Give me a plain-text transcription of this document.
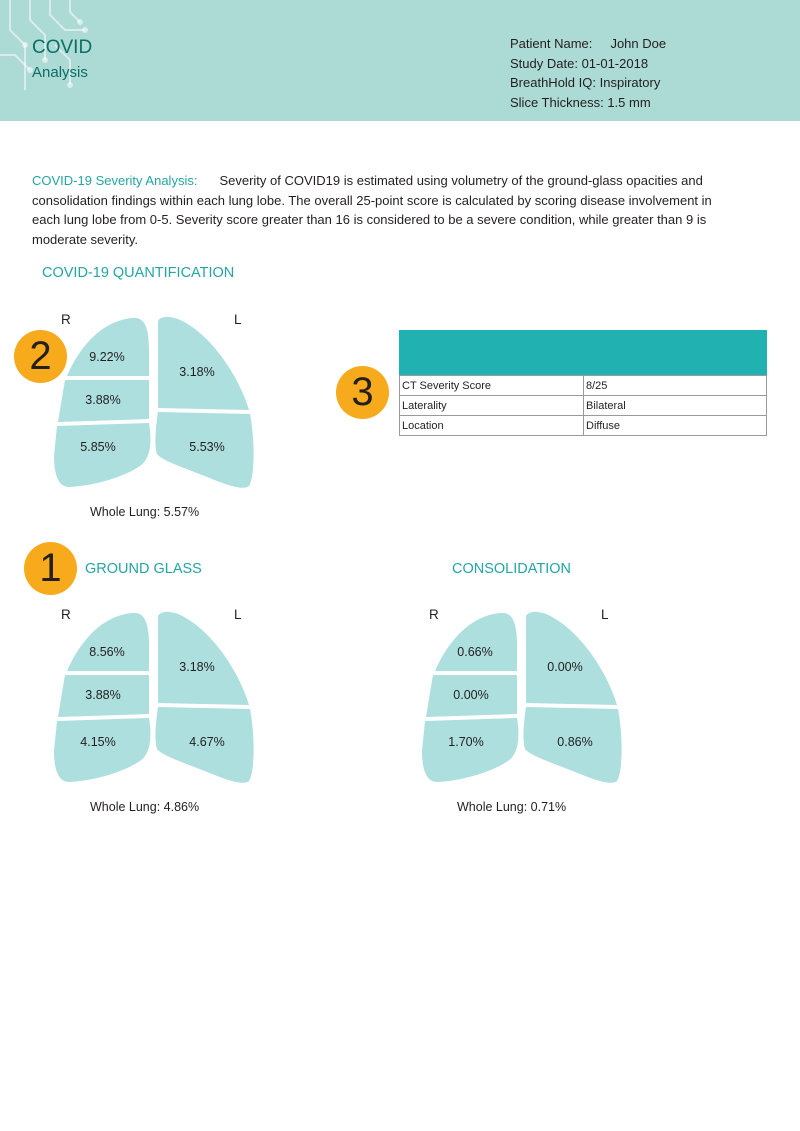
COVID
Analysis
Patient Name: John Doe
Study Date: 01-01-2018
BreathHold IQ: Inspiratory
Slice Thickness: 1.5 mm
COVID-19 Severity Analysis: Severity of COVID19 is estimated using volumetry of the ground-glass opacities and consolidation findings within each lung lobe. The overall 25-point score is calculated by scoring disease involvement in each lung lobe from 0-5. Severity score greater than 16 is considered to be a severe condition, while greater than 9 is moderate severity.
COVID-19 QUANTIFICATION
2
R	L
9.22%
3.88%
5.85%
3.18%
5.53%
Whole Lung: 5.57%
3	CT Severity Score	8/25
Laterality	Bilateral
Location	Diffuse
1	GROUND GLASS
R	L
8.56%
3.88%
4.15%
3.18%
4.67%
Whole Lung: 4.86%
CONSOLIDATION
R	L
0.66%
0.00%
1.70%
0.00%
0.86%
Whole Lung: 0.71%
